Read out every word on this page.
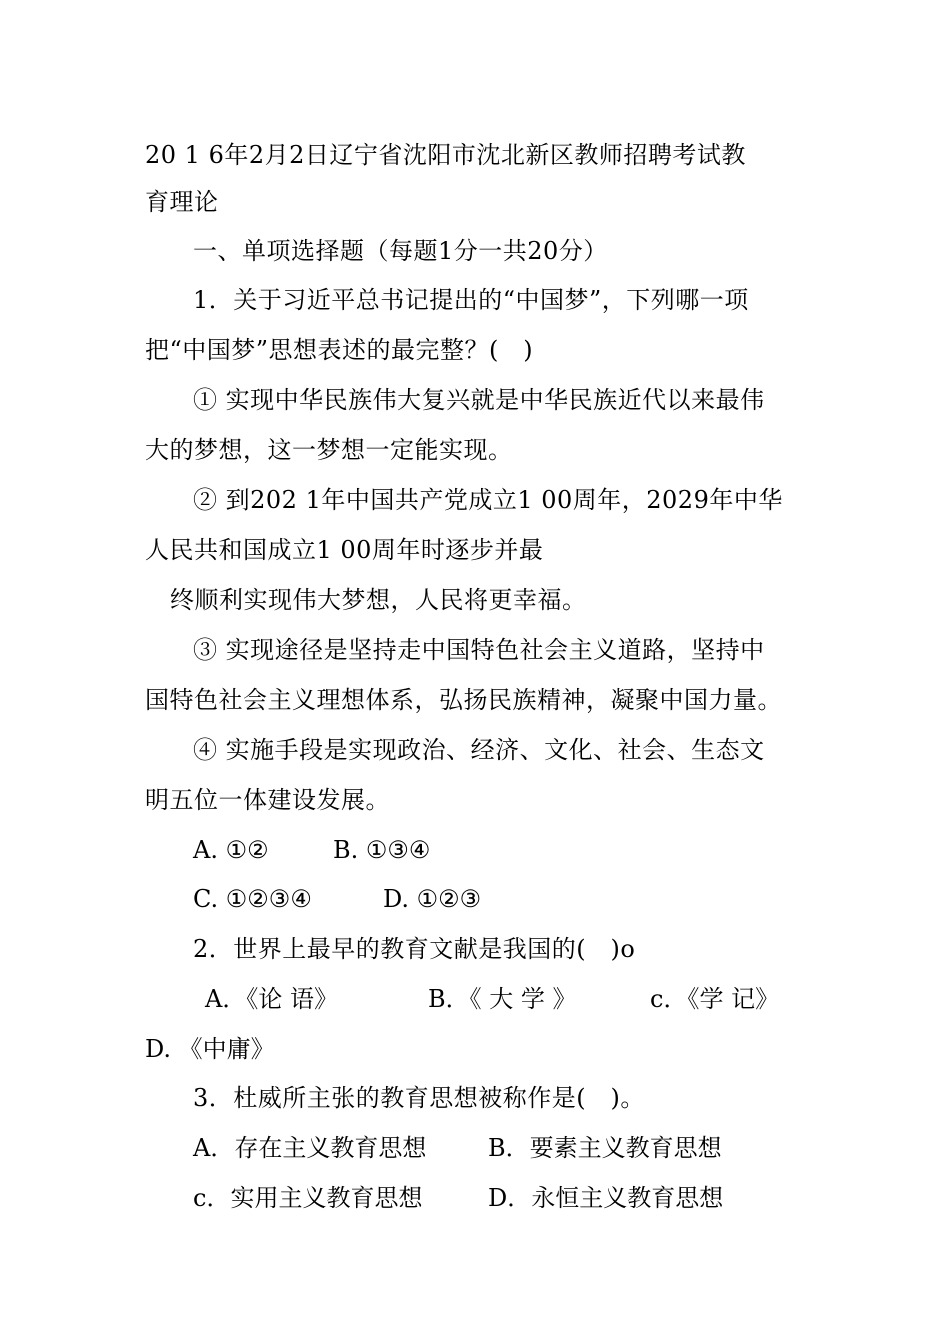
20 1 6年2月2日辽宁省沈阳市沈北新区教师招聘考试教
育理论
一、单项选择题（每题1分一共20分）
1．关于习近平总书记提出的“中国梦”，下列哪一项
把“中国梦”思想表述的最完整？(   )
① 实现中华民族伟大复兴就是中华民族近代以来最伟
大的梦想，这一梦想一定能实现。
② 到202 1年中国共产党成立1 00周年，2029年中华
人民共和国成立1 00周年时逐步并最
终顺利实现伟大梦想，人民将更幸福。
③ 实现途径是坚持走中国特色社会主义道路，坚持中
国特色社会主义理想体系，弘扬民族精神，凝聚中国力量。
④ 实施手段是实现政治、经济、文化、社会、生态文
明五位一体建设发展。
A. ①②	B. ①③④
C. ①②③④	D. ①②③
2．世界上最早的教育文献是我国的(   )o
A．《论 语》	B．《 大 学 》	c．《学 记》
D. 《中庸》
3．杜威所主张的教育思想被称作是(   )。
A．存在主义教育思想	B．要素主义教育思想
c．实用主义教育思想	D．永恒主义教育思想
